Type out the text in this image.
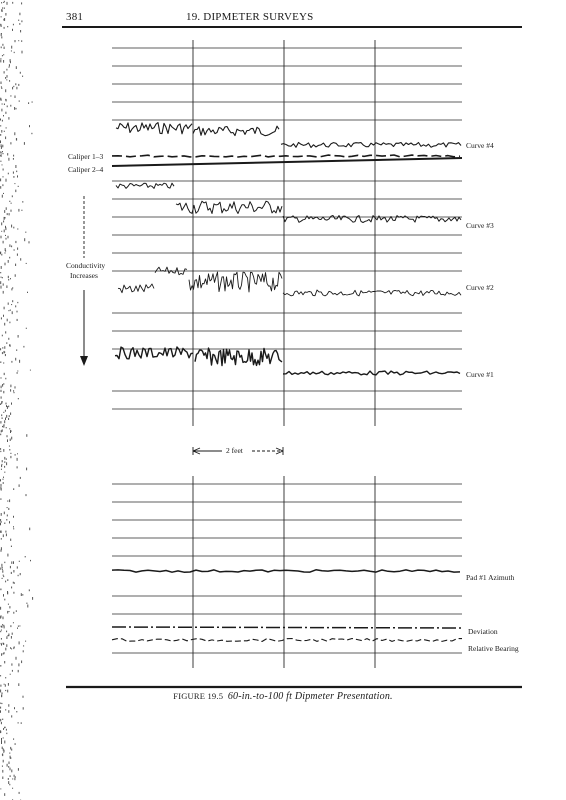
381	19. DIPMETER SURVEYS
Caliper 1–3
Caliper 2–4
Conductivity
Increases
Curve #4
Curve #3
Curve #2
Curve #1
2 feet
Pad #1 Azimuth
Deviation
Relative Bearing
FIGURE 19.5 60-in.-to-100 ft Dipmeter Presentation.
